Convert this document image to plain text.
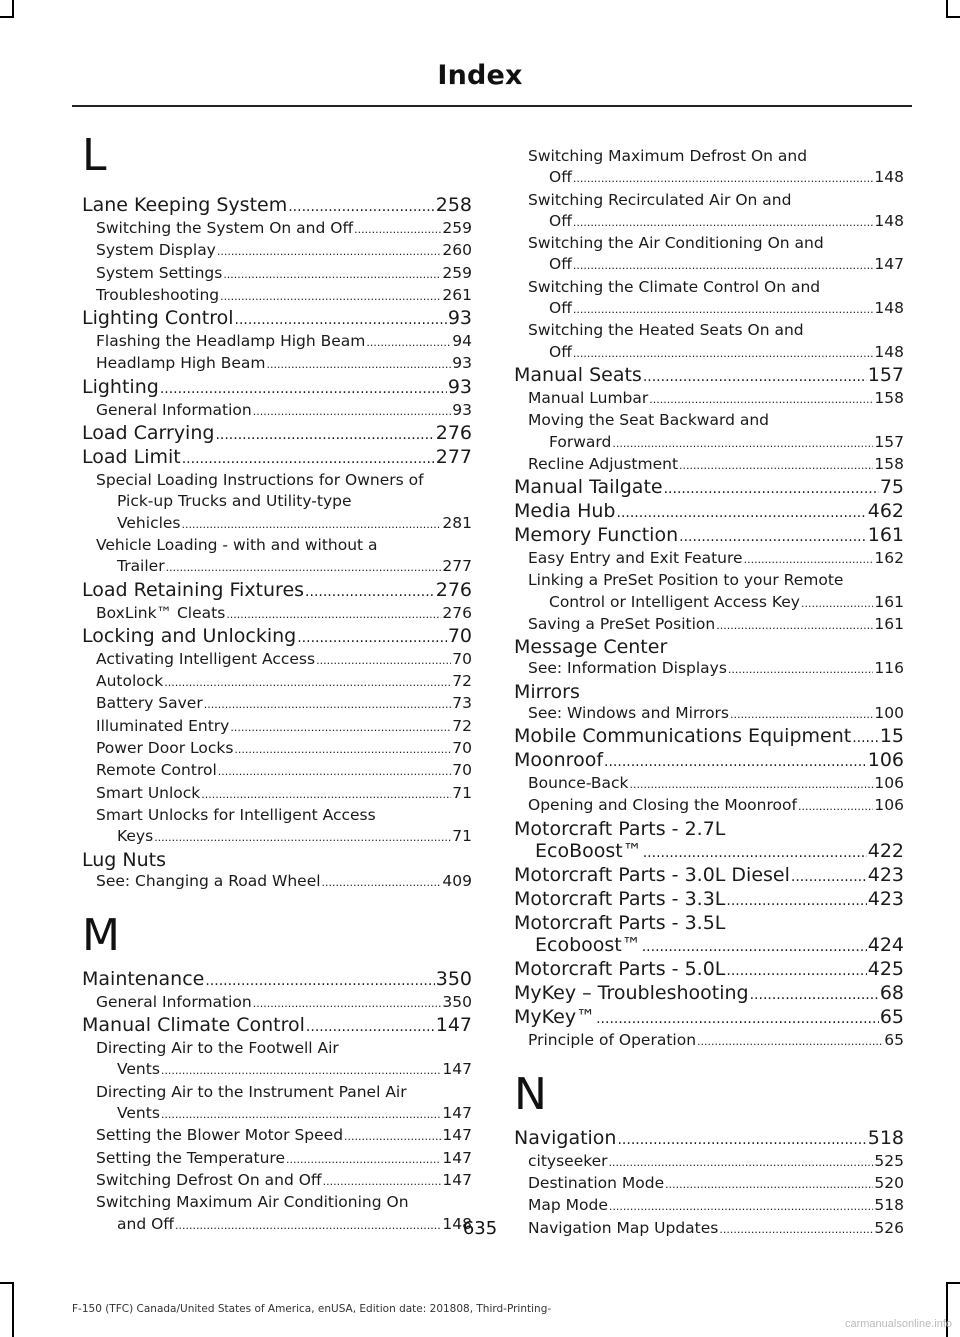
Index
L
Lane Keeping System .....	258
Switching the System On and Off .....	259
System Display .....	260
System Settings .....	259
Troubleshooting .....	261
Lighting Control .....	93
Flashing the Headlamp High Beam .....	94
Headlamp High Beam .....	93
Lighting .....	93
General Information .....	93
Load Carrying .....	276
Load Limit .....	277
Special Loading Instructions for Owners of
Pick-up Trucks and Utility-type
Vehicles .....	281
Vehicle Loading - with and without a
Trailer .....	277
Load Retaining Fixtures .....	276
BoxLink™ Cleats .....	276
Locking and Unlocking .....	70
Activating Intelligent Access .....	70
Autolock .....	72
Battery Saver .....	73
Illuminated Entry .....	72
Power Door Locks .....	70
Remote Control .....	70
Smart Unlock .....	71
Smart Unlocks for Intelligent Access
Keys .....	71
Lug Nuts
See: Changing a Road Wheel .....	409
M
Maintenance .....	350
General Information .....	350
Manual Climate Control .....	147
Directing Air to the Footwell Air
Vents .....	147
Directing Air to the Instrument Panel Air
Vents .....	147
Setting the Blower Motor Speed .....	147
Setting the Temperature .....	147
Switching Defrost On and Off .....	147
Switching Maximum Air Conditioning On
and Off .....	148
Switching Maximum Defrost On and
Off .....	148
Switching Recirculated Air On and
Off .....	148
Switching the Air Conditioning On and
Off .....	147
Switching the Climate Control On and
Off .....	148
Switching the Heated Seats On and
Off .....	148
Manual Seats .....	157
Manual Lumbar .....	158
Moving the Seat Backward and
Forward .....	157
Recline Adjustment .....	158
Manual Tailgate .....	75
Media Hub .....	462
Memory Function .....	161
Easy Entry and Exit Feature .....	162
Linking a PreSet Position to your Remote
Control or Intelligent Access Key .....	161
Saving a PreSet Position .....	161
Message Center
See: Information Displays .....	116
Mirrors
See: Windows and Mirrors .....	100
Mobile Communications Equipment ..... 15
Moonroof .....	106
Bounce-Back .....	106
Opening and Closing the Moonroof .....	106
Motorcraft Parts - 2.7L
EcoBoost™ .....	422
Motorcraft Parts - 3.0L Diesel .....	423
Motorcraft Parts - 3.3L .....	423
Motorcraft Parts - 3.5L
Ecoboost™ .....	424
Motorcraft Parts - 5.0L .....	425
MyKey – Troubleshooting .....	68
MyKey™ .....	65
Principle of Operation .....	65
N
Navigation .....	518
cityseeker .....	525
Destination Mode .....	520
Map Mode .....	518
Navigation Map Updates .....	526
635
F-150 (TFC) Canada/United States of America, enUSA, Edition date: 201808, Third-Printing-
carmanualsonline.info
